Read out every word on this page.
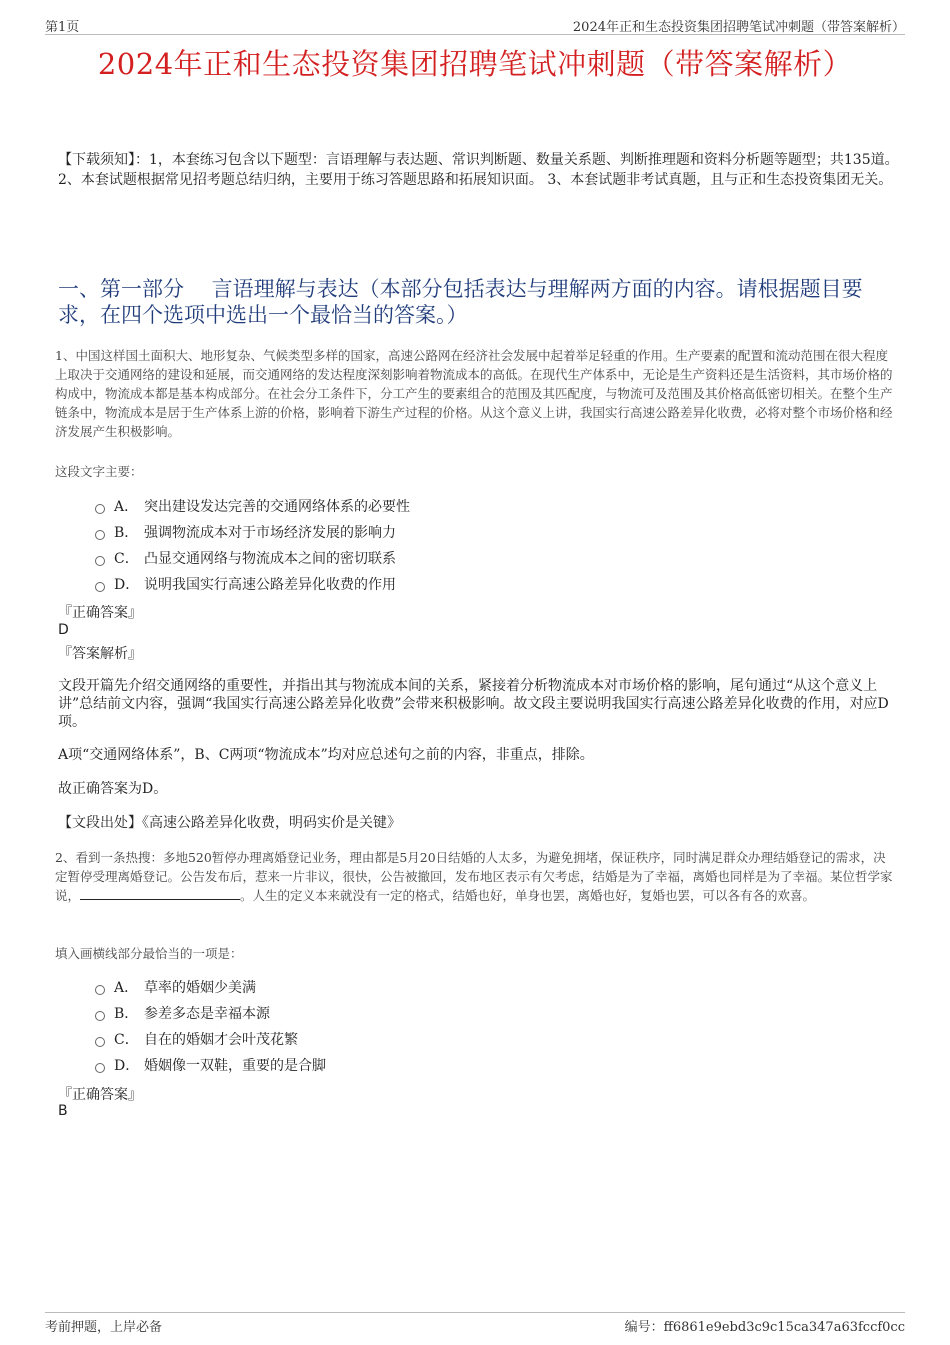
第1页	2024年正和生态投资集团招聘笔试冲刺题（带答案解析）
2024年正和生态投资集团招聘笔试冲刺题（带答案解析）
【下载须知】：1，本套练习包含以下题型：言语理解与表达题、常识判断题、数量关系题、判断推理题和资料分析题等题型；共135道。 2、本套试题根据常见招考题总结归纳，主要用于练习答题思路和拓展知识面。 3、本套试题非考试真题，且与正和生态投资集团无关。
一、第一部分　 言语理解与表达（本部分包括表达与理解两方面的内容。请根据题目要求，在四个选项中选出一个最恰当的答案。）
1、中国这样国土面积大、地形复杂、气候类型多样的国家，高速公路网在经济社会发展中起着举足轻重的作用。生产要素的配置和流动范围在很大程度上取决于交通网络的建设和延展，而交通网络的发达程度深刻影响着物流成本的高低。在现代生产体系中，无论是生产资料还是生活资料，其市场价格的构成中，物流成本都是基本构成部分。在社会分工条件下，分工产生的要素组合的范围及其匹配度，与物流可及范围及其价格高低密切相关。在整个生产链条中，物流成本是居于生产体系上游的价格，影响着下游生产过程的价格。从这个意义上讲，我国实行高速公路差异化收费，必将对整个市场价格和经济发展产生积极影响。
这段文字主要：
A． 突出建设发达完善的交通网络体系的必要性
B． 强调物流成本对于市场经济发展的影响力
C． 凸显交通网络与物流成本之间的密切联系
D． 说明我国实行高速公路差异化收费的作用
『正确答案』
D
『答案解析』
文段开篇先介绍交通网络的重要性，并指出其与物流成本间的关系，紧接着分析物流成本对市场价格的影响，尾句通过“从这个意义上讲”总结前文内容，强调“我国实行高速公路差异化收费”会带来积极影响。故文段主要说明我国实行高速公路差异化收费的作用，对应D项。
A项“交通网络体系”，B、C两项“物流成本”均对应总述句之前的内容，非重点，排除。
故正确答案为D。
【文段出处】《高速公路差异化收费，明码实价是关键》
2、看到一条热搜：多地520暂停办理离婚登记业务，理由都是5月20日结婚的人太多，为避免拥堵，保证秩序，同时满足群众办理结婚登记的需求，决定暂停受理离婚登记。公告发布后，惹来一片非议，很快，公告被撤回，发布地区表示有欠考虑，结婚是为了幸福，离婚也同样是为了幸福。某位哲学家说，	。人生的定义本来就没有一定的格式，结婚也好，单身也罢，离婚也好，复婚也罢，可以各有各的欢喜。
填入画横线部分最恰当的一项是：
A． 草率的婚姻少美满
B． 参差多态是幸福本源
C． 自在的婚姻才会叶茂花繁
D． 婚姻像一双鞋，重要的是合脚
『正确答案』
B
考前押题，上岸必备	编号：ff6861e9ebd3c9c15ca347a63fccf0cc
